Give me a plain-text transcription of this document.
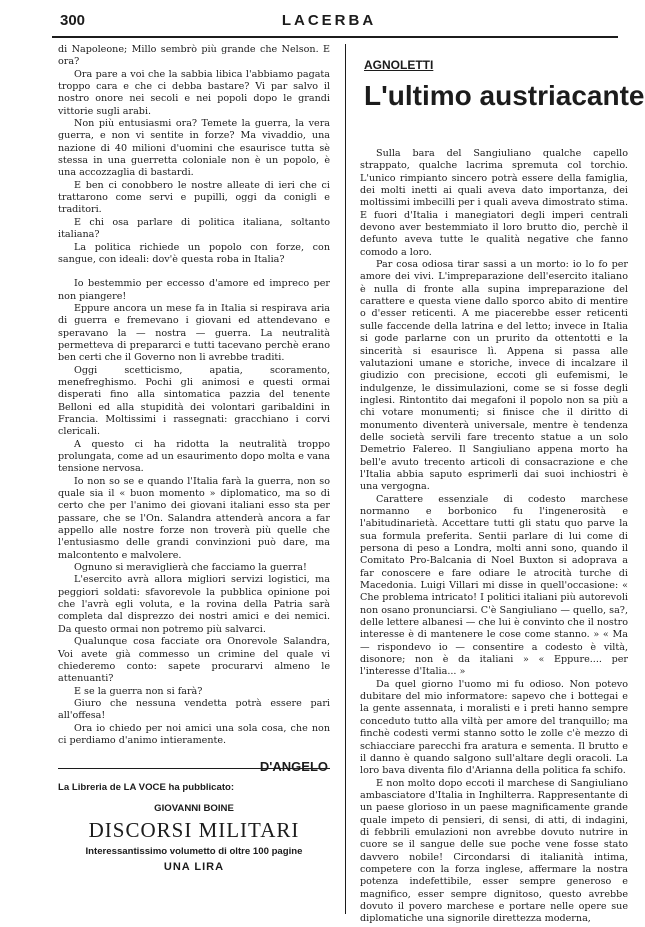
300	LACERBA

di Napoleone; Millo sembrò più grande che Nelson. E ora?

Ora pare a voi che la sabbia libica l'abbiamo pagata troppo cara e che ci debba bastare? Vi par salvo il nostro onore nei secoli e nei popoli dopo le grandi vittorie sugli arabi.

Non più entusiasmi ora? Temete la guerra, la vera guerra, e non vi sentite in forze? Ma vivaddio, una nazione di 40 milioni d'uomini che esaurisce tutta sè stessa in una guerretta coloniale non è un popolo, è una accozzaglia di bastardi.

E ben ci conobbero le nostre alleate di ieri che ci trattarono come servi e pupilli, oggi da conigli e traditori.

E chi osa parlare di politica italiana, soltanto italiana?

La politica richiede un popolo con forze, con sangue, con ideali: dov'è questa roba in Italia?

Io bestemmio per eccesso d'amore ed impreco per non piangere!

Eppure ancora un mese fa in Italia si respirava aria di guerra e fremevano i giovani ed attendevano e speravano la — nostra — guerra. La neutralità permetteva di prepararci e tutti tacevano perchè erano ben certi che il Governo non li avrebbe traditi.

Oggi scetticismo, apatia, scoramento, menefreghismo. Pochi gli animosi e questi ormai disperati fino alla sintomatica pazzia del tenente Belloni ed alla stupidità dei volontari garibaldini in Francia. Moltissimi i rassegnati: gracchiano i corvi clericali.

A questo ci ha ridotta la neutralità troppo prolungata, come ad un esaurimento dopo molta e vana tensione nervosa.

Io non so se e quando l'Italia farà la guerra, non so quale sia il « buon momento » diplomatico, ma so di certo che per l'animo dei giovani italiani esso sta per passare, che se l'On. Salandra attenderà ancora a far appello alle nostre forze non troverà più quelle che l'entusiasmo delle grandi convinzioni può dare, ma malcontento e malvolere.

Ognuno si meraviglierà che facciamo la guerra!

L'esercito avrà allora migliori servizi logistici, ma peggiori soldati: sfavorevole la pubblica opinione poi che l'avrà egli voluta, e la rovina della Patria sarà completa dal disprezzo dei nostri amici e dei nemici. Da questo ormai non potremo più salvarci.

Qualunque cosa facciate ora Onorevole Salandra, Voi avete già commesso un crimine del quale vi chiederemo conto: sapete procurarvi almeno le attenuanti?

E se la guerra non si farà?

Giuro che nessuna vendetta potrà essere pari all'offesa!

Ora io chiedo per noi amici una sola cosa, che non ci perdiamo d'animo intieramente.

D'ANGELO
La Libreria de LA VOCE ha pubblicato:
GIOVANNI BOINE
DISCORSI MILITARI
Interessantissimo volumetto di oltre 100 pagine
UNA LIRA
AGNOLETTI
L'ultimo austriacante

Sulla bara del Sangiuliano qualche capello strappato, qualche lacrima spremuta col torchio. L'unico rimpianto sincero potrà essere della famiglia, dei molti inetti ai quali aveva dato importanza, dei moltissimi imbecilli per i quali aveva dimostrato stima. E fuori d'Italia i manegiatori degli imperi centrali devono aver bestemmiato il loro brutto dio, perchè il defunto aveva tutte le qualità negative che fanno comodo a loro.

Par cosa odiosa tirar sassi a un morto: io lo fo per amore dei vivi. L'impreparazione dell'esercito italiano è nulla di fronte alla supina impreparazione del carattere e questa viene dallo sporco abito di mentire o d'esser reticenti. A me piacerebbe esser reticenti sulle faccende della latrina e del letto; invece in Italia si gode parlarne con un prurito da ottentotti e la sincerità si esaurisce lì. Appena si passa alle valutazioni umane e storiche, invece di incalzare il giudizio con precisione, eccoti gli eufemismi, le indulgenze, le dissimulazioni, come se si fosse degli inglesi. Rintontito dai megafoni il popolo non sa più a chi votare monumenti; si finisce che il diritto di monumento diventerà universale, mentre è tendenza delle società servili fare trecento statue a un solo Demetrio Falereo. Il Sangiuliano appena morto ha bell'e avuto trecento articoli di consacrazione e che l'Italia abbia saputo esprimerli dai suoi inchiostri è una vergogna.

Carattere essenziale di codesto marchese normanno e borbonico fu l'ingenerosità e l'abitudinarietà. Accettare tutti gli statu quo parve la sua formula preferita. Sentii parlare di lui come di persona di peso a Londra, molti anni sono, quando il Comitato Pro-Balcania di Noel Buxton si adoprava a far conoscere e fare odiare le atrocità turche di Macedonia. Luigi Villari mi disse in quell'occasione: « Che problema intricato! I politici italiani più autorevoli non osano pronunciarsi. C'è Sangiuliano — quello, sa?, delle lettere albanesi — che lui è convinto che il nostro interesse è di mantenere le cose come stanno. » « Ma — rispondevo io — consentire a codesto è viltà, disonore; non è da italiani » « Eppure.... per l'interesse d'Italia... »

Da quel giorno l'uomo mi fu odioso. Non potevo dubitare del mio informatore: sapevo che i bottegai e la gente assennata, i moralisti e i preti hanno sempre conceduto tutto alla viltà per amore del tranquillo; ma finchè codesti vermi stanno sotto le zolle c'è mezzo di schiacciare parecchi fra aratura e sementa. Il brutto e il danno è quando salgono sull'altare degli oracoli. La loro bava diventa filo d'Arianna della politica fa schifo.

E non molto dopo eccoti il marchese di Sangiuliano ambasciatore d'Italia in Inghilterra. Rappresentante di un paese glorioso in un paese magnificamente grande quale impeto di pensieri, di sensi, di atti, di indagini, di febbrili emulazioni non avrebbe dovuto nutrire in cuore se il sangue delle sue poche vene fosse stato davvero nobile! Circondarsi di italianità intima, competere con la forza inglese, affermare la nostra potenza indefettibile, esser sempre generoso e magnifico, esser sempre dignitoso, questo avrebbe dovuto il povero marchese e portare nelle opere sue diplomatiche una signorile direttezza moderna,
